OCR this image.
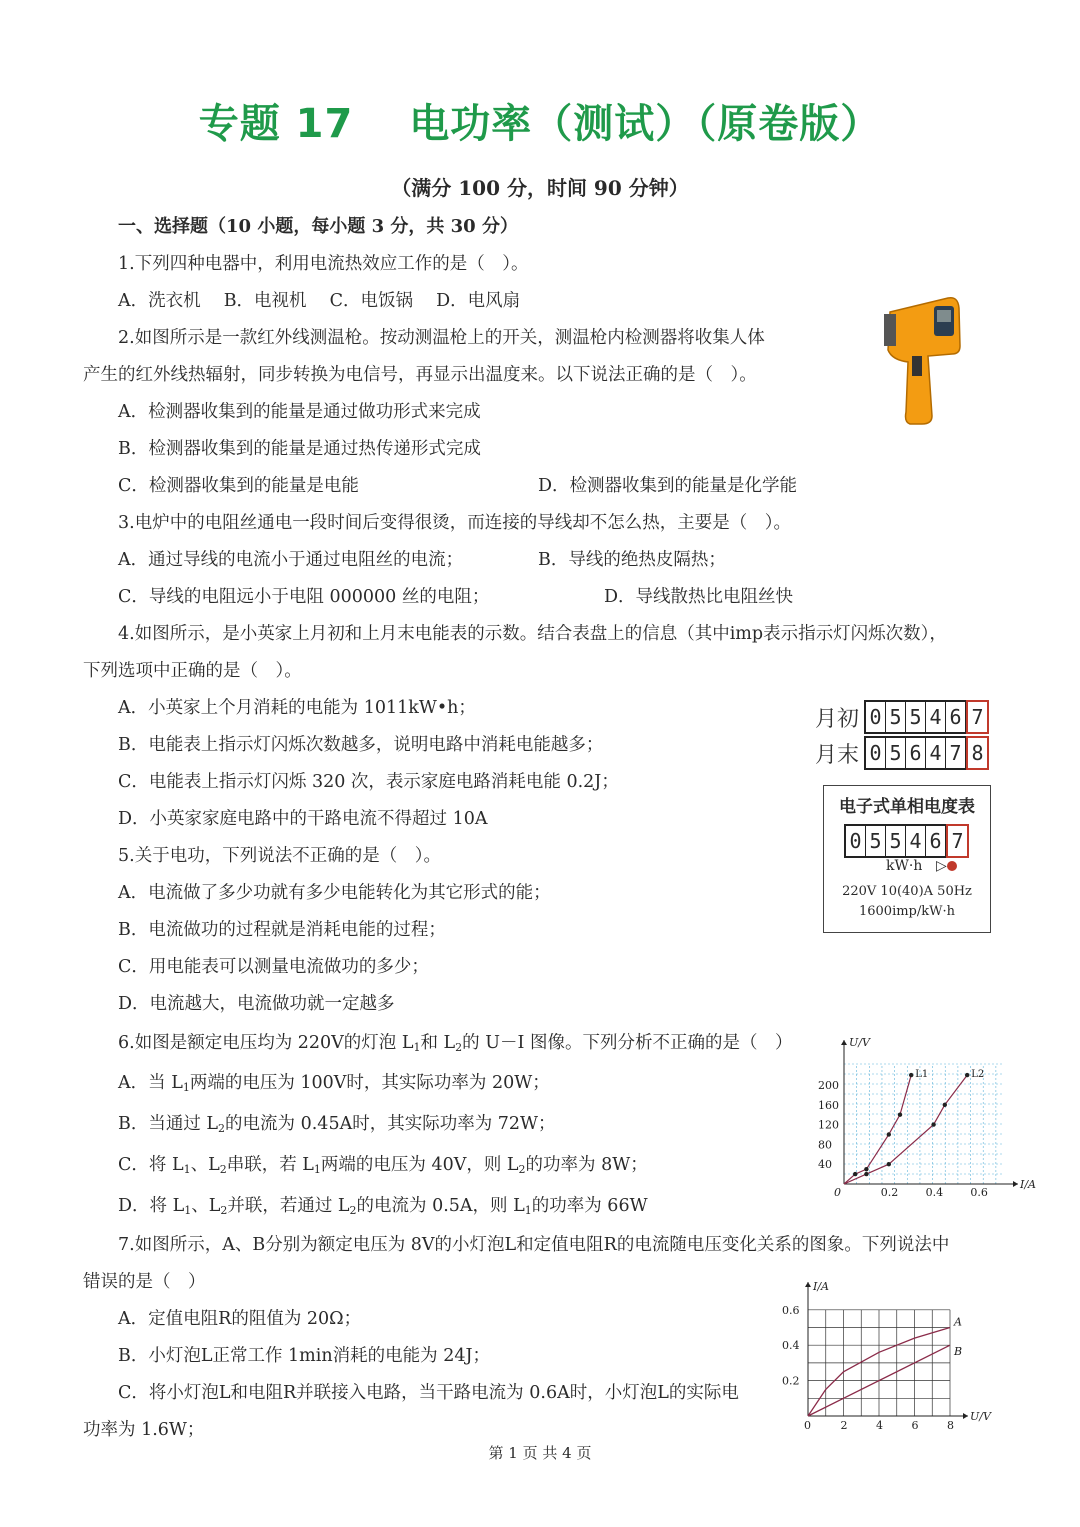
专题 17　 电功率（测试）（原卷版）
（满分 100 分，时间 90 分钟）
一、选择题（10 小题，每小题 3 分，共 30 分）
1.下列四种电器中，利用电流热效应工作的是（　）。
A．洗衣机　 B．电视机　 C．电饭锅　 D．电风扇
2.如图所示是一款红外线测温枪。按动测温枪上的开关，测温枪内检测器将收集人体
产生的红外线热辐射，同步转换为电信号，再显示出温度来。以下说法正确的是（　）。
A．检测器收集到的能量是通过做功形式来完成
B．检测器收集到的能量是通过热传递形式完成
C．检测器收集到的能量是电能	D．检测器收集到的能量是化学能
3.电炉中的电阻丝通电一段时间后变得很烫，而连接的导线却不怎么热，主要是（　）。
A．通过导线的电流小于通过电阻丝的电流；	B．导线的绝热皮隔热；
C．导线的电阻远小于电阻 000000 丝的电阻；	D．导线散热比电阻丝快
4.如图所示，是小英家上月初和上月末电能表的示数。结合表盘上的信息（其中imp表示指示灯闪烁次数），
下列选项中正确的是（　）。
A．小英家上个月消耗的电能为 1011kW•h；
B．电能表上指示灯闪烁次数越多，说明电路中消耗电能越多；
C．电能表上指示灯闪烁 320 次，表示家庭电路消耗电能 0.2J；
D．小英家家庭电路中的干路电流不得超过 10A
月初 0 5 5 4 6 7
月末 0 5 6 4 7 8
电子式单相电度表
0 5 5 4 6 7
kW·h ▷
220V 10(40)A 50Hz
1600imp/kW·h
5.关于电功，下列说法不正确的是（　）。
A．电流做了多少功就有多少电能转化为其它形式的能；
B．电流做功的过程就是消耗电能的过程；
C．用电能表可以测量电流做功的多少；
D．电流越大，电流做功就一定越多
6.如图是额定电压均为 220V的灯泡 $L_1$和 $L_2$的 U－I 图像。下列分析不正确的是（　）
A．当 $L_1$两端的电压为 100V时，其实际功率为 20W；
B．当通过 $L_2$的电流为 0.45A时，其实际功率为 72W；
C．将 $L_1$、$L_2$串联，若 $L_1$两端的电压为 40V，则 $L_2$的功率为 8W；
D．将 $L_1$、$L_2$并联，若通过 $L_2$的电流为 0.5A，则 $L_1$的功率为 66W
U/V
I/A
0	0.2 0.4 0.6
40
80
120
160
200
L1	L2
7.如图所示，A、B分别为额定电压为 8V的小灯泡L和定值电阻R的电流随电压变化关系的图象。下列说法中
错误的是（　）
A．定值电阻R的阻值为 20Ω；
B．小灯泡L正常工作 1min消耗的电能为 24J；
C．将小灯泡L和电阻R并联接入电路，当干路电流为 0.6A时，小灯泡L的实际电
功率为 1.6W；
I/A
U/V
0	2	4	6	8
0.2
0.4
0.6
A
B
第 1 页 共 4 页
